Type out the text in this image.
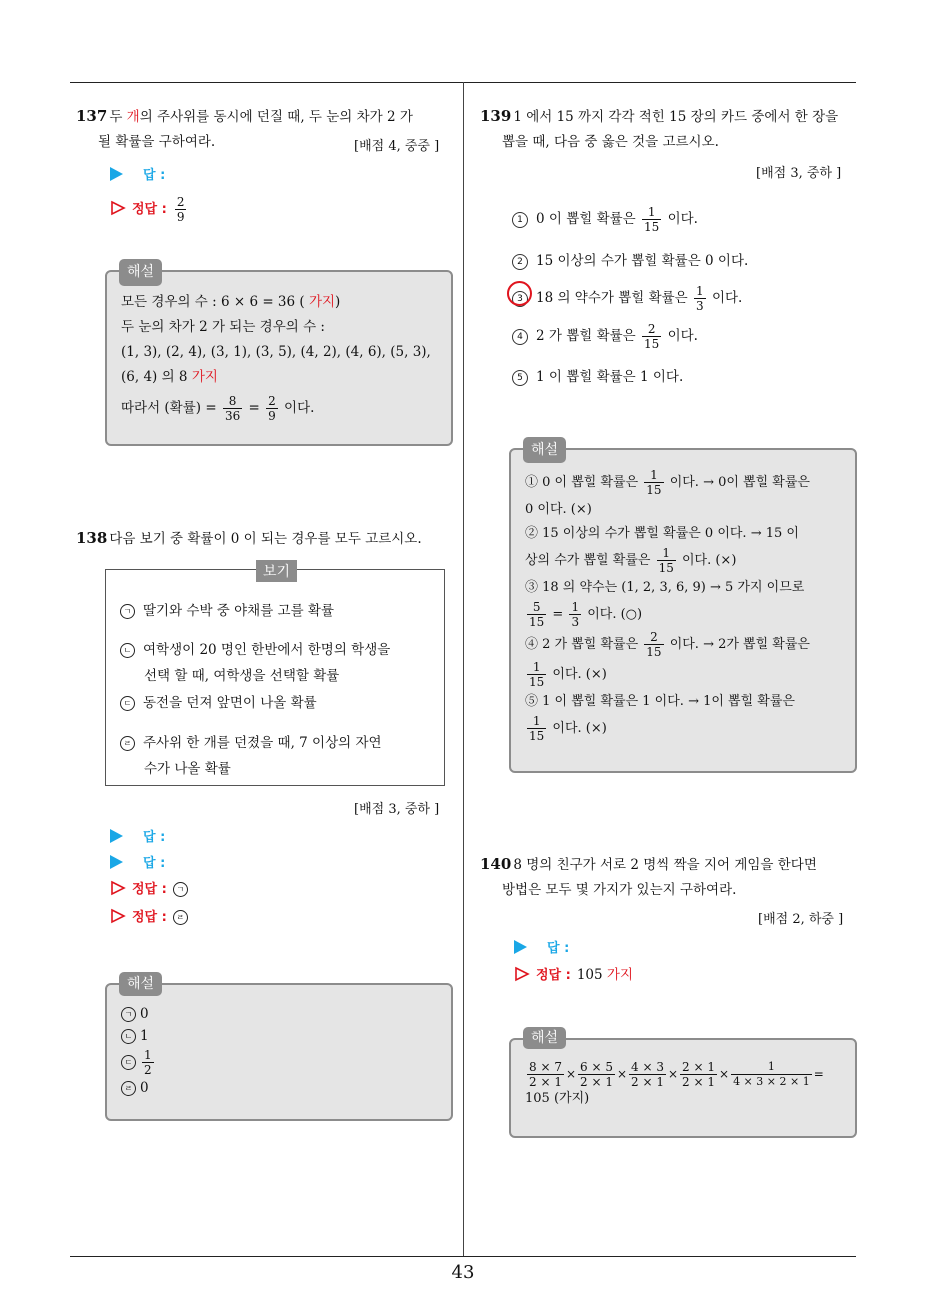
137 두 개의 주사위를 동시에 던질 때, 두 눈의 차가 2 가
될 확률을 구하여라.	[배점 4, 중중 ]
답 :
정답 : $\frac{2}{9}$
해설
모든 경우의 수 : 6 × 6 = 36 ( 가지)
두 눈의 차가 2 가 되는 경우의 수 :
(1, 3), (2, 4), (3, 1), (3, 5), (4, 2), (4, 6), (5, 3),
(6, 4) 의 8 가지
따라서 (확률) = $\frac{8}{36} = \frac{2}{9}$ 이다.
138 다음 보기 중 확률이 0 이 되는 경우를 모두 고르시오.
보기
ㄱ 딸기와 수박 중 야채를 고를 확률
ㄴ 여학생이 20 명인 한반에서 한명의 학생을
선택 할 때, 여학생을 선택할 확률
ㄷ 동전을 던져 앞면이 나올 확률
ㄹ 주사위 한 개를 던졌을 때, 7 이상의 자연
수가 나올 확률
[배점 3, 중하 ]
답 :
답 :
정답 : ㄱ
정답 : ㄹ
해설
ㄱ 0
ㄴ 1
ㄷ $\frac{1}{2}$
ㄹ 0
139 1 에서 15 까지 각각 적힌 15 장의 카드 중에서 한 장을
뽑을 때, 다음 중 옳은 것을 고르시오.
[배점 3, 중하 ]
1 0 이 뽑힐 확률은 $\frac{1}{15}$ 이다.
2 15 이상의 수가 뽑힐 확률은 0 이다.
3 18 의 약수가 뽑힐 확률은 $\frac{1}{3}$ 이다.
4 2 가 뽑힐 확률은 $\frac{2}{15}$ 이다.
5 1 이 뽑힐 확률은 1 이다.
해설
① 0 이 뽑힐 확률은 $\frac{1}{15}$ 이다. → 0이 뽑힐 확률은
0 이다. (×)
② 15 이상의 수가 뽑힐 확률은 0 이다. → 15 이
상의 수가 뽑힐 확률은 $\frac{1}{15}$ 이다. (×)
③ 18 의 약수는 (1, 2, 3, 6, 9) → 5 가지 이므로
$\frac{5}{15} = \frac{1}{3}$ 이다. (○)
④ 2 가 뽑힐 확률은 $\frac{2}{15}$ 이다. → 2가 뽑힐 확률은
$\frac{1}{15}$ 이다. (×)
⑤ 1 이 뽑힐 확률은 1 이다. → 1이 뽑힐 확률은
$\frac{1}{15}$ 이다. (×)
140 8 명의 친구가 서로 2 명씩 짝을 지어 게임을 한다면
방법은 모두 몇 가지가 있는지 구하여라.
[배점 2, 하중 ]
답 :
정답 : 105 가지
해설
$\frac{8 \times 7}{2 \times 1} \times \frac{6 \times 5}{2 \times 1} \times \frac{4 \times 3}{2 \times 1} \times \frac{2 \times 1}{2 \times 1} \times \frac{1}{4 \times 3 \times 2 \times 1}$ =
105 (가지)
43
